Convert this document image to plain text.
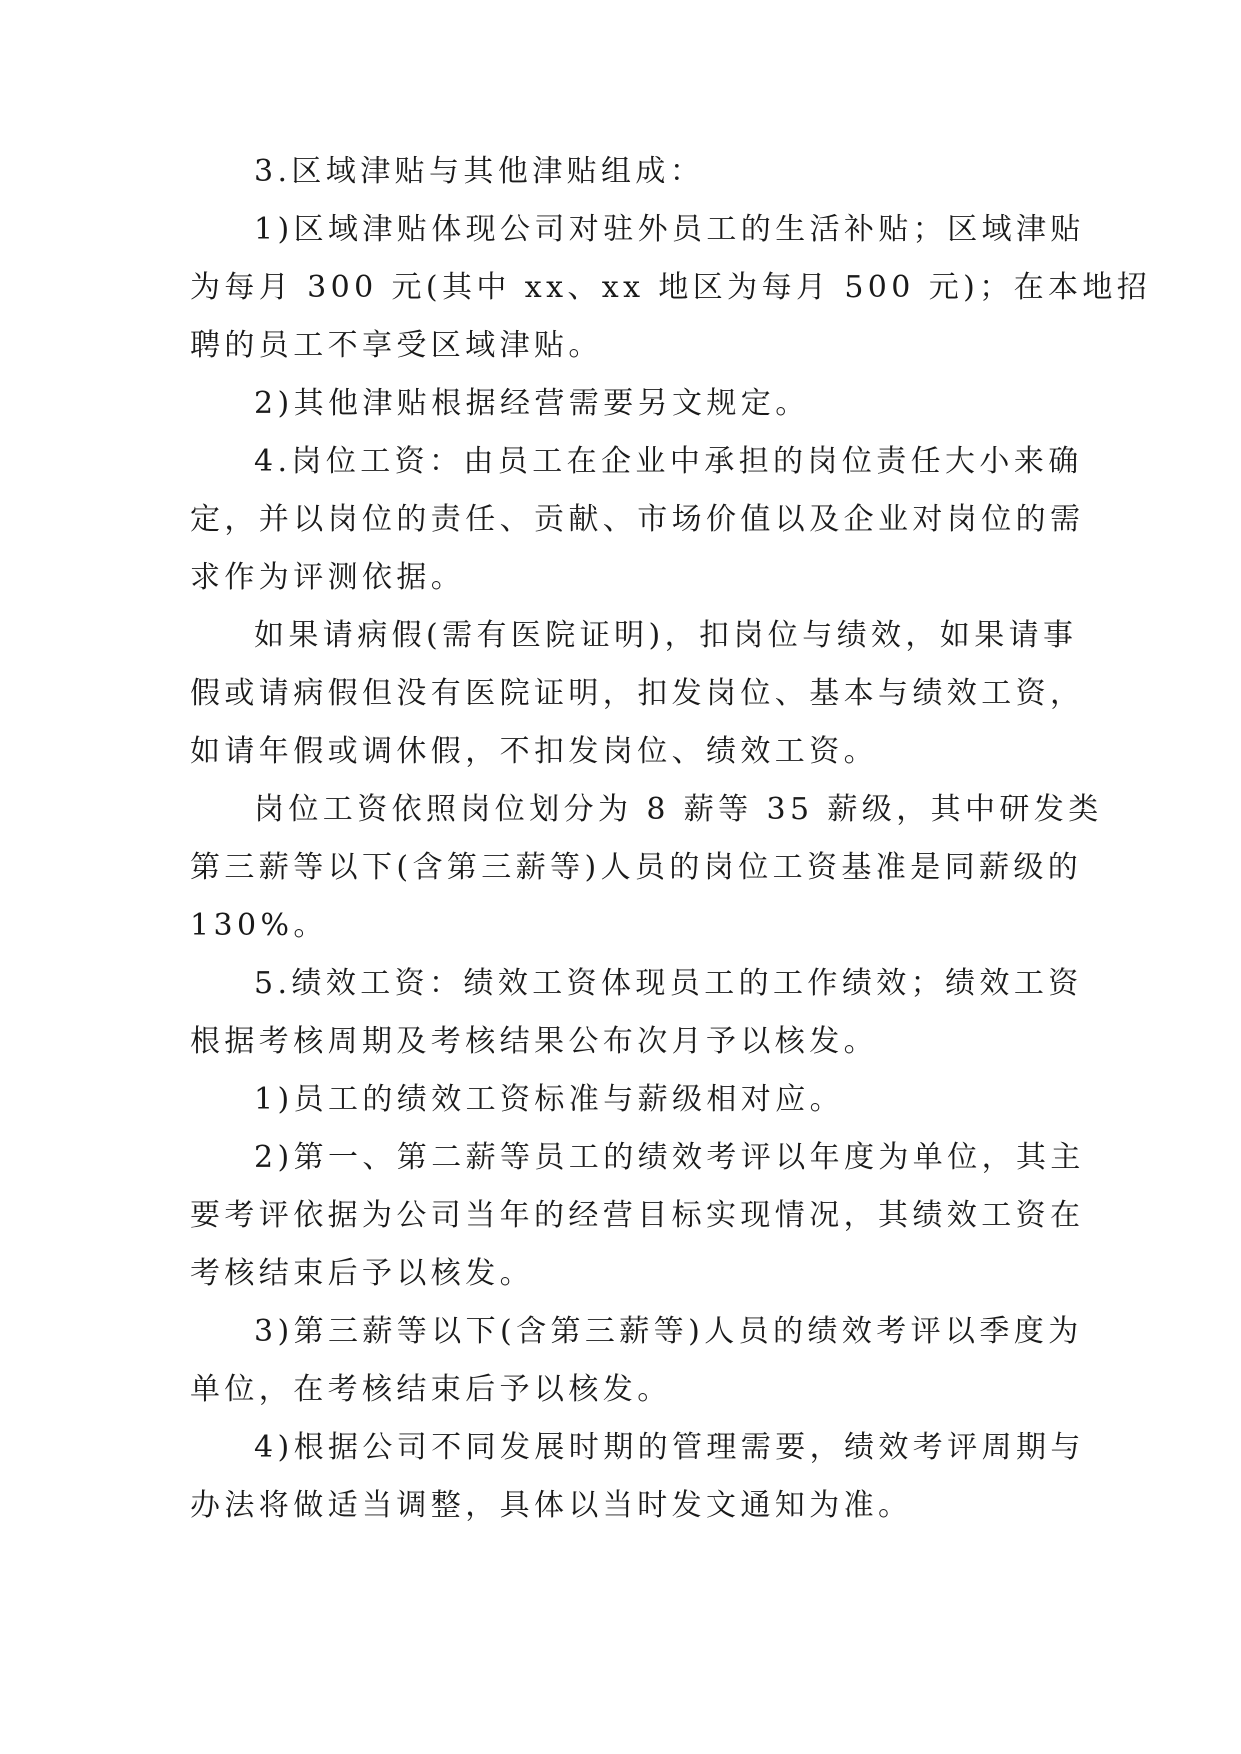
3.区域津贴与其他津贴组成：

1)区域津贴体现公司对驻外员工的生活补贴；区域津贴

为每月 300 元(其中 xx、xx 地区为每月 500 元)；在本地招

聘的员工不享受区域津贴。

2)其他津贴根据经营需要另文规定。

4.岗位工资：由员工在企业中承担的岗位责任大小来确

定，并以岗位的责任、贡献、市场价值以及企业对岗位的需

求作为评测依据。

如果请病假(需有医院证明)，扣岗位与绩效，如果请事

假或请病假但没有医院证明，扣发岗位、基本与绩效工资，

如请年假或调休假，不扣发岗位、绩效工资。

岗位工资依照岗位划分为 8 薪等 35 薪级，其中研发类

第三薪等以下(含第三薪等)人员的岗位工资基准是同薪级的

130%。

5.绩效工资：绩效工资体现员工的工作绩效；绩效工资

根据考核周期及考核结果公布次月予以核发。

1)员工的绩效工资标准与薪级相对应。

2)第一、第二薪等员工的绩效考评以年度为单位，其主

要考评依据为公司当年的经营目标实现情况，其绩效工资在

考核结束后予以核发。

3)第三薪等以下(含第三薪等)人员的绩效考评以季度为

单位，在考核结束后予以核发。

4)根据公司不同发展时期的管理需要，绩效考评周期与

办法将做适当调整，具体以当时发文通知为准。
